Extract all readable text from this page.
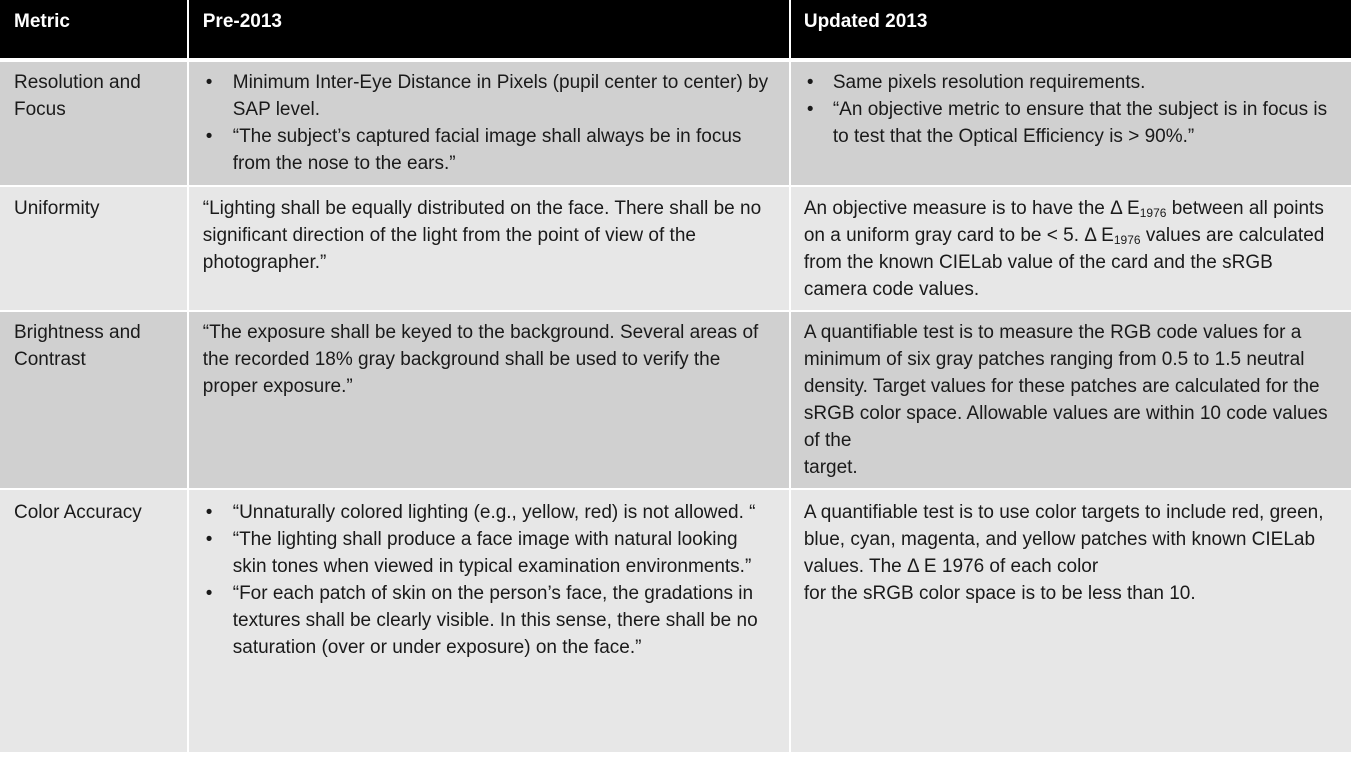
Metric	Pre-2013	Updated 2013
Resolution and Focus
• Minimum Inter-Eye Distance in Pixels (pupil center to center) by SAP level.
• “The subject’s captured facial image shall always be in focus from the nose to the ears.”
• Same pixels resolution requirements.
• “An objective metric to ensure that the subject is in focus is to test that the Optical Efficiency is > 90%.”
Uniformity	“Lighting shall be equally distributed on the face. There shall be no significant direction of the light from the point of view of the photographer.”
An objective measure is to have the Δ $E_{1976}$ between all points on a uniform gray card to be < 5. Δ $E_{1976}$ values are calculated from the known CIELab value of the card and the sRGB camera code values.
Brightness and Contrast
“The exposure shall be keyed to the background. Several areas of the recorded 18% gray background shall be used to verify the proper exposure.”
A quantifiable test is to measure the RGB code values for a minimum of six gray patches ranging from 0.5 to 1.5 neutral density. Target values for these patches are calculated for the sRGB color space. Allowable values are within 10 code values of the
target.
Color Accuracy
•	“Unnaturally colored lighting (e.g., yellow, red) is not allowed. “
• “The lighting shall produce a face image with natural looking skin tones when viewed in typical examination environments.”
• “For each patch of skin on the person’s face, the gradations in textures shall be clearly visible. In this sense, there shall be no saturation (over or under exposure) on the face.”
A quantifiable test is to use color targets to include red, green, blue, cyan, magenta, and yellow patches with known CIELab values. The Δ E 1976 of each color
for the sRGB color space is to be less than 10.
